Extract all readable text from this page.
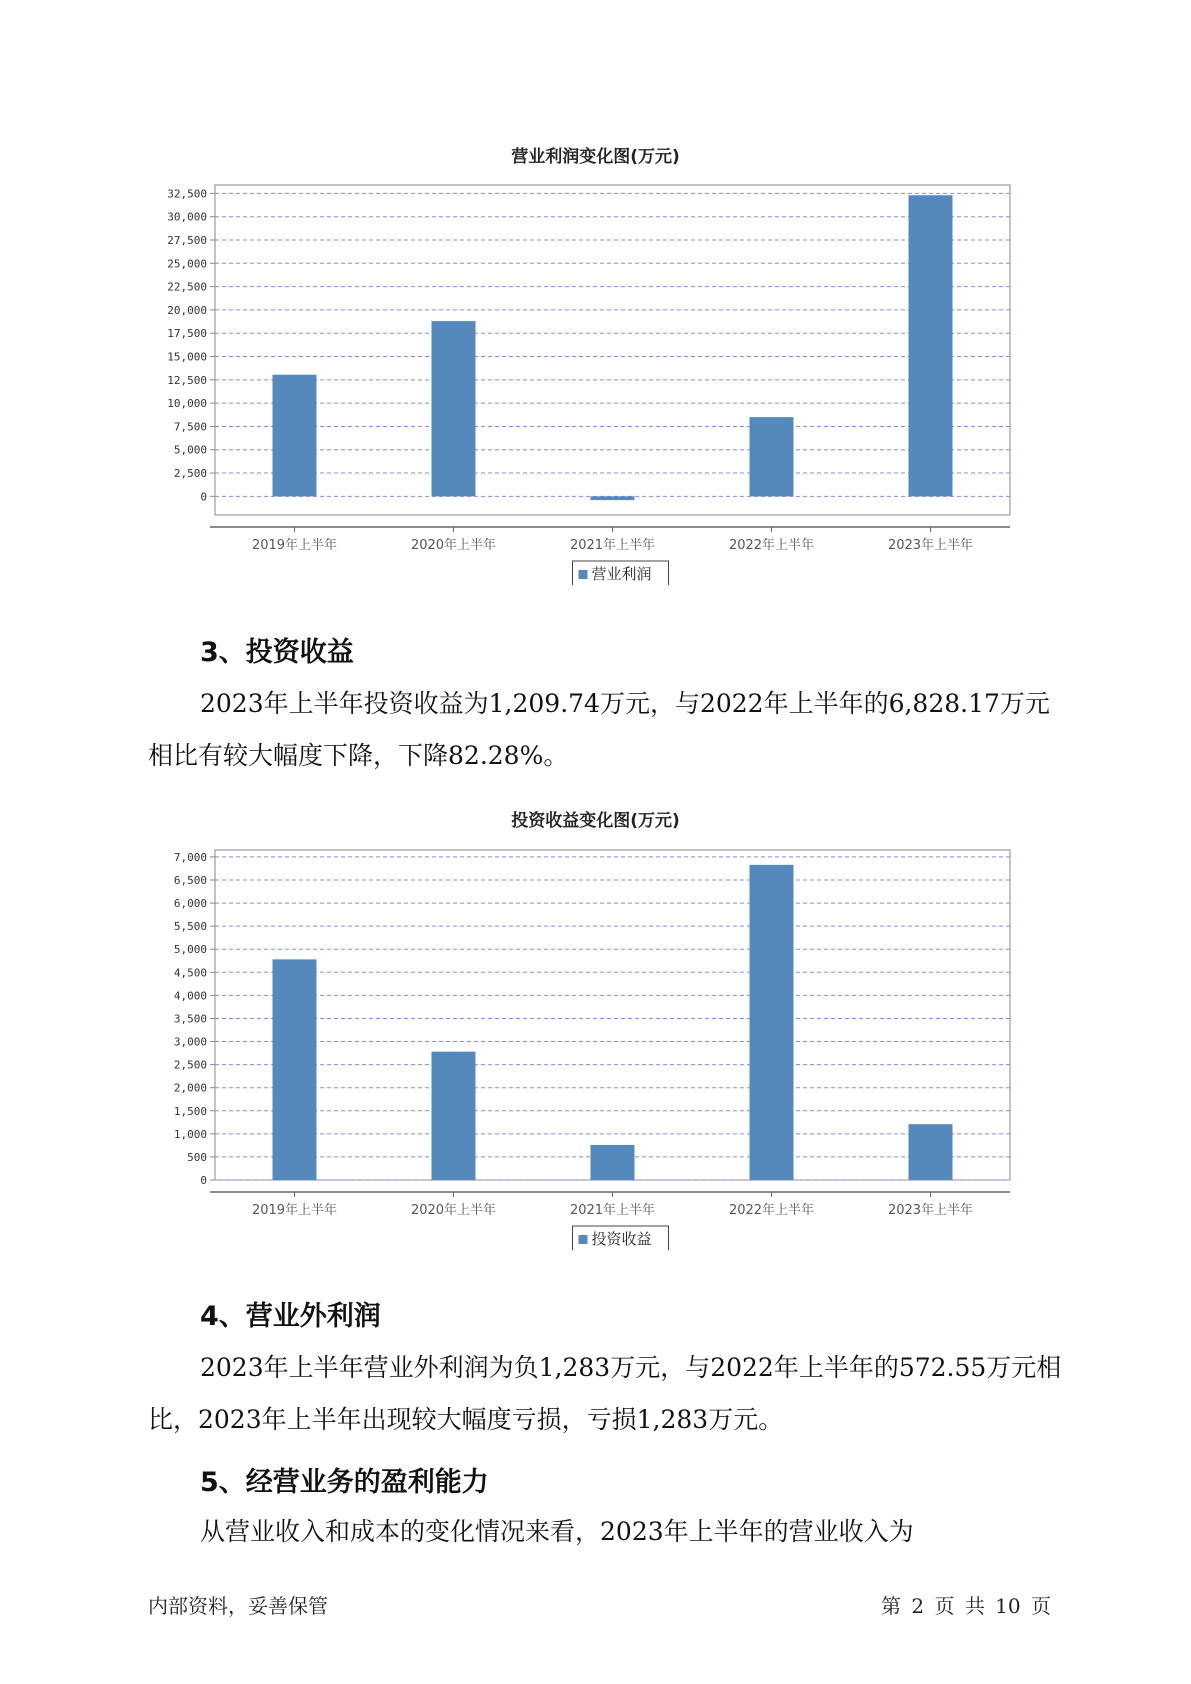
营业利润变化图(万元)
0
2,500
5,000
7,500
10,000
12,500
15,000
17,500
20,000
22,500
25,000
27,500
30,000
32,500
2019年上半年	2020年上半年	2021年上半年	2022年上半年	2023年上半年
营业利润
3、投资收益

2023年上半年投资收益为1,209.74万元，与2022年上半年的6,828.17万元相比有较大幅度下降，下降82.28%。

投资收益变化图(万元)
0
500
1,000
1,500
2,000
2,500
3,000
3,500
4,000
4,500
5,000
5,500
6,000
6,500
7,000
2019年上半年	2020年上半年	2021年上半年	2022年上半年	2023年上半年
投资收益
4、营业外利润

2023年上半年营业外利润为负1,283万元，与2022年上半年的572.55万元相比，2023年上半年出现较大幅度亏损，亏损1,283万元。

5、经营业务的盈利能力

从营业收入和成本的变化情况来看，2023年上半年的营业收入为

内部资料，妥善保管	第 2 页 共 10 页
